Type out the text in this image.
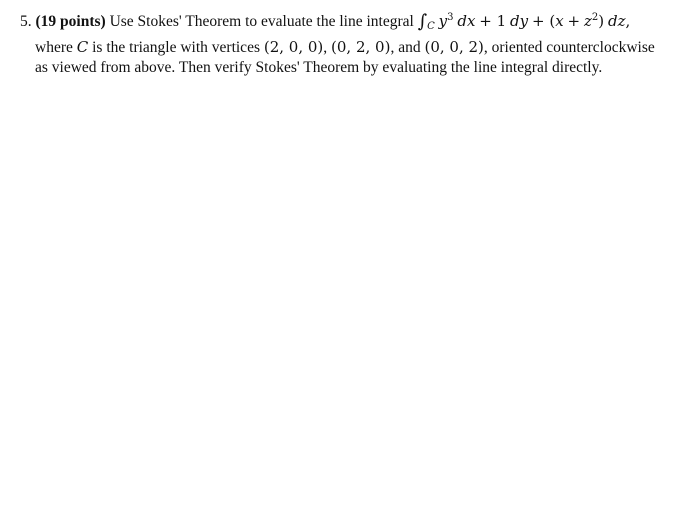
5. (19 points) Use Stokes' Theorem to evaluate the line integral $\int_C$ $y^3$ dx + 1 dy + $(x + z^2)$ dz,
where C is the triangle with vertices (2, 0, 0), (0, 2, 0), and (0, 0, 2), oriented counterclockwise
as viewed from above. Then verify Stokes' Theorem by evaluating the line integral directly.
